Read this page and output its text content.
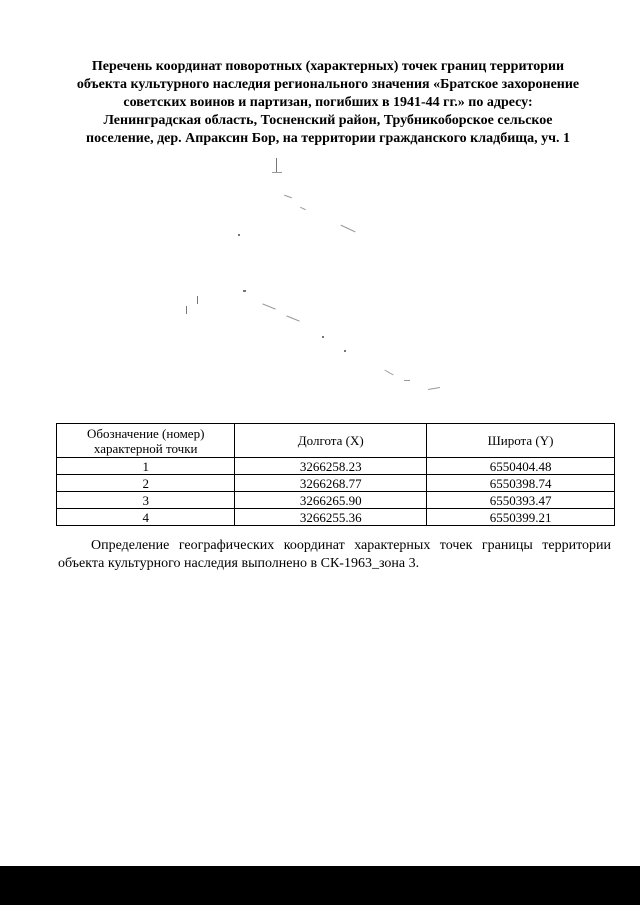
Перечень координат поворотных (характерных) точек границ территории
объекта культурного наследия регионального значения «Братское захоронение
советских воинов и партизан, погибших в 1941-44 гг.» по адресу:
Ленинградская область, Тосненский район, Трубникоборское сельское
поселение, дер. Апраксин Бор, на территории гражданского кладбища, уч. 1
Обозначение (номер) характерной точки	Долгота (X)	Широта (Y)
1	3266258.23	6550404.48
2	3266268.77	6550398.74
3	3266265.90	6550393.47
4	3266255.36	6550399.21
Определение географических координат характерных точек границы территории объекта культурного наследия выполнено в СК-1963_зона 3.
